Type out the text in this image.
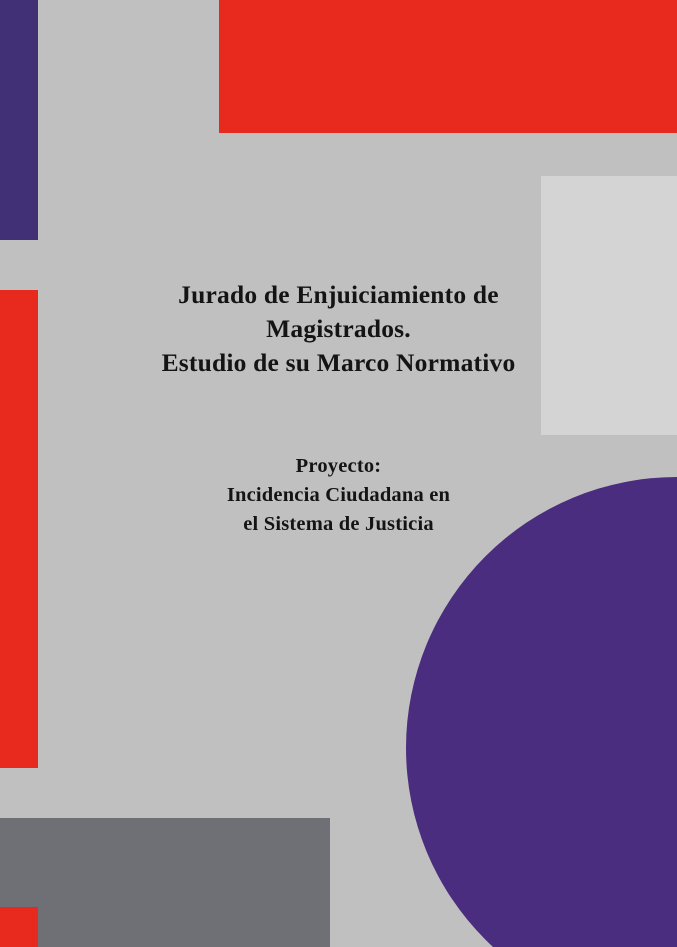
Jurado de Enjuiciamiento de
Magistrados.
Estudio de su Marco Normativo
Proyecto:
Incidencia Ciudadana en
el Sistema de Justicia
